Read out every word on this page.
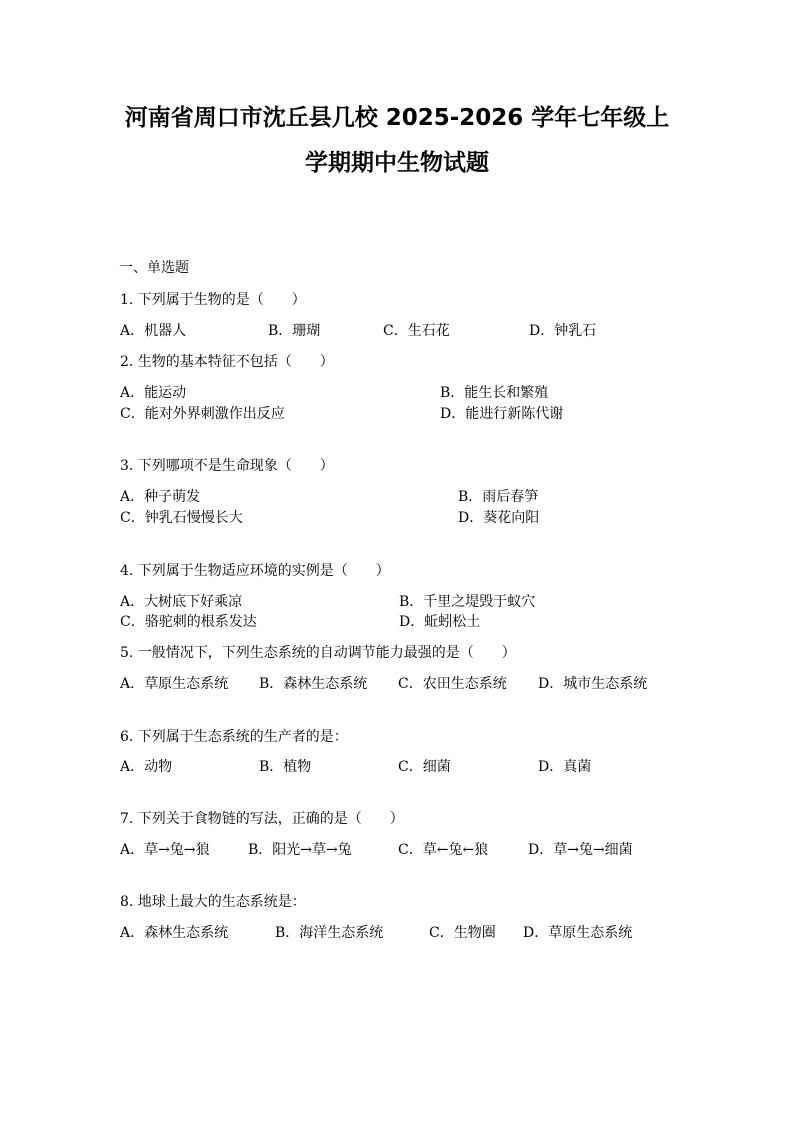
河南省周口市沈丘县几校 2025-2026 学年七年级上
学期期中生物试题
一、单选题
1. 下列属于生物的是（　　）
A．机器人	B．珊瑚	C．生石花	D．钟乳石
2. 生物的基本特征不包括（　　）
A．能运动	B．能生长和繁殖
C．能对外界刺激作出反应	D．能进行新陈代谢
3. 下列哪项不是生命现象（　　）
A．种子萌发	B．雨后春笋
C．钟乳石慢慢长大	D．葵花向阳
4. 下列属于生物适应环境的实例是（　　）
A．大树底下好乘凉	B．千里之堤毁于蚁穴
C．骆驼刺的根系发达	D．蚯蚓松土
5. 一般情况下，下列生态系统的自动调节能力最强的是（　　）
A．草原生态系统 B．森林生态系统 C．农田生态系统 D．城市生态系统
6. 下列属于生态系统的生产者的是：
A．动物	B．植物	C．细菌	D．真菌
7. 下列关于食物链的写法，正确的是（　　）
A．草→兔→狼	B．阳光→草→兔	C．草←兔←狼	D．草→兔→细菌
8. 地球上最大的生态系统是：
A．森林生态系统	B．海洋生态系统	C．生物圈 D．草原生态系统
